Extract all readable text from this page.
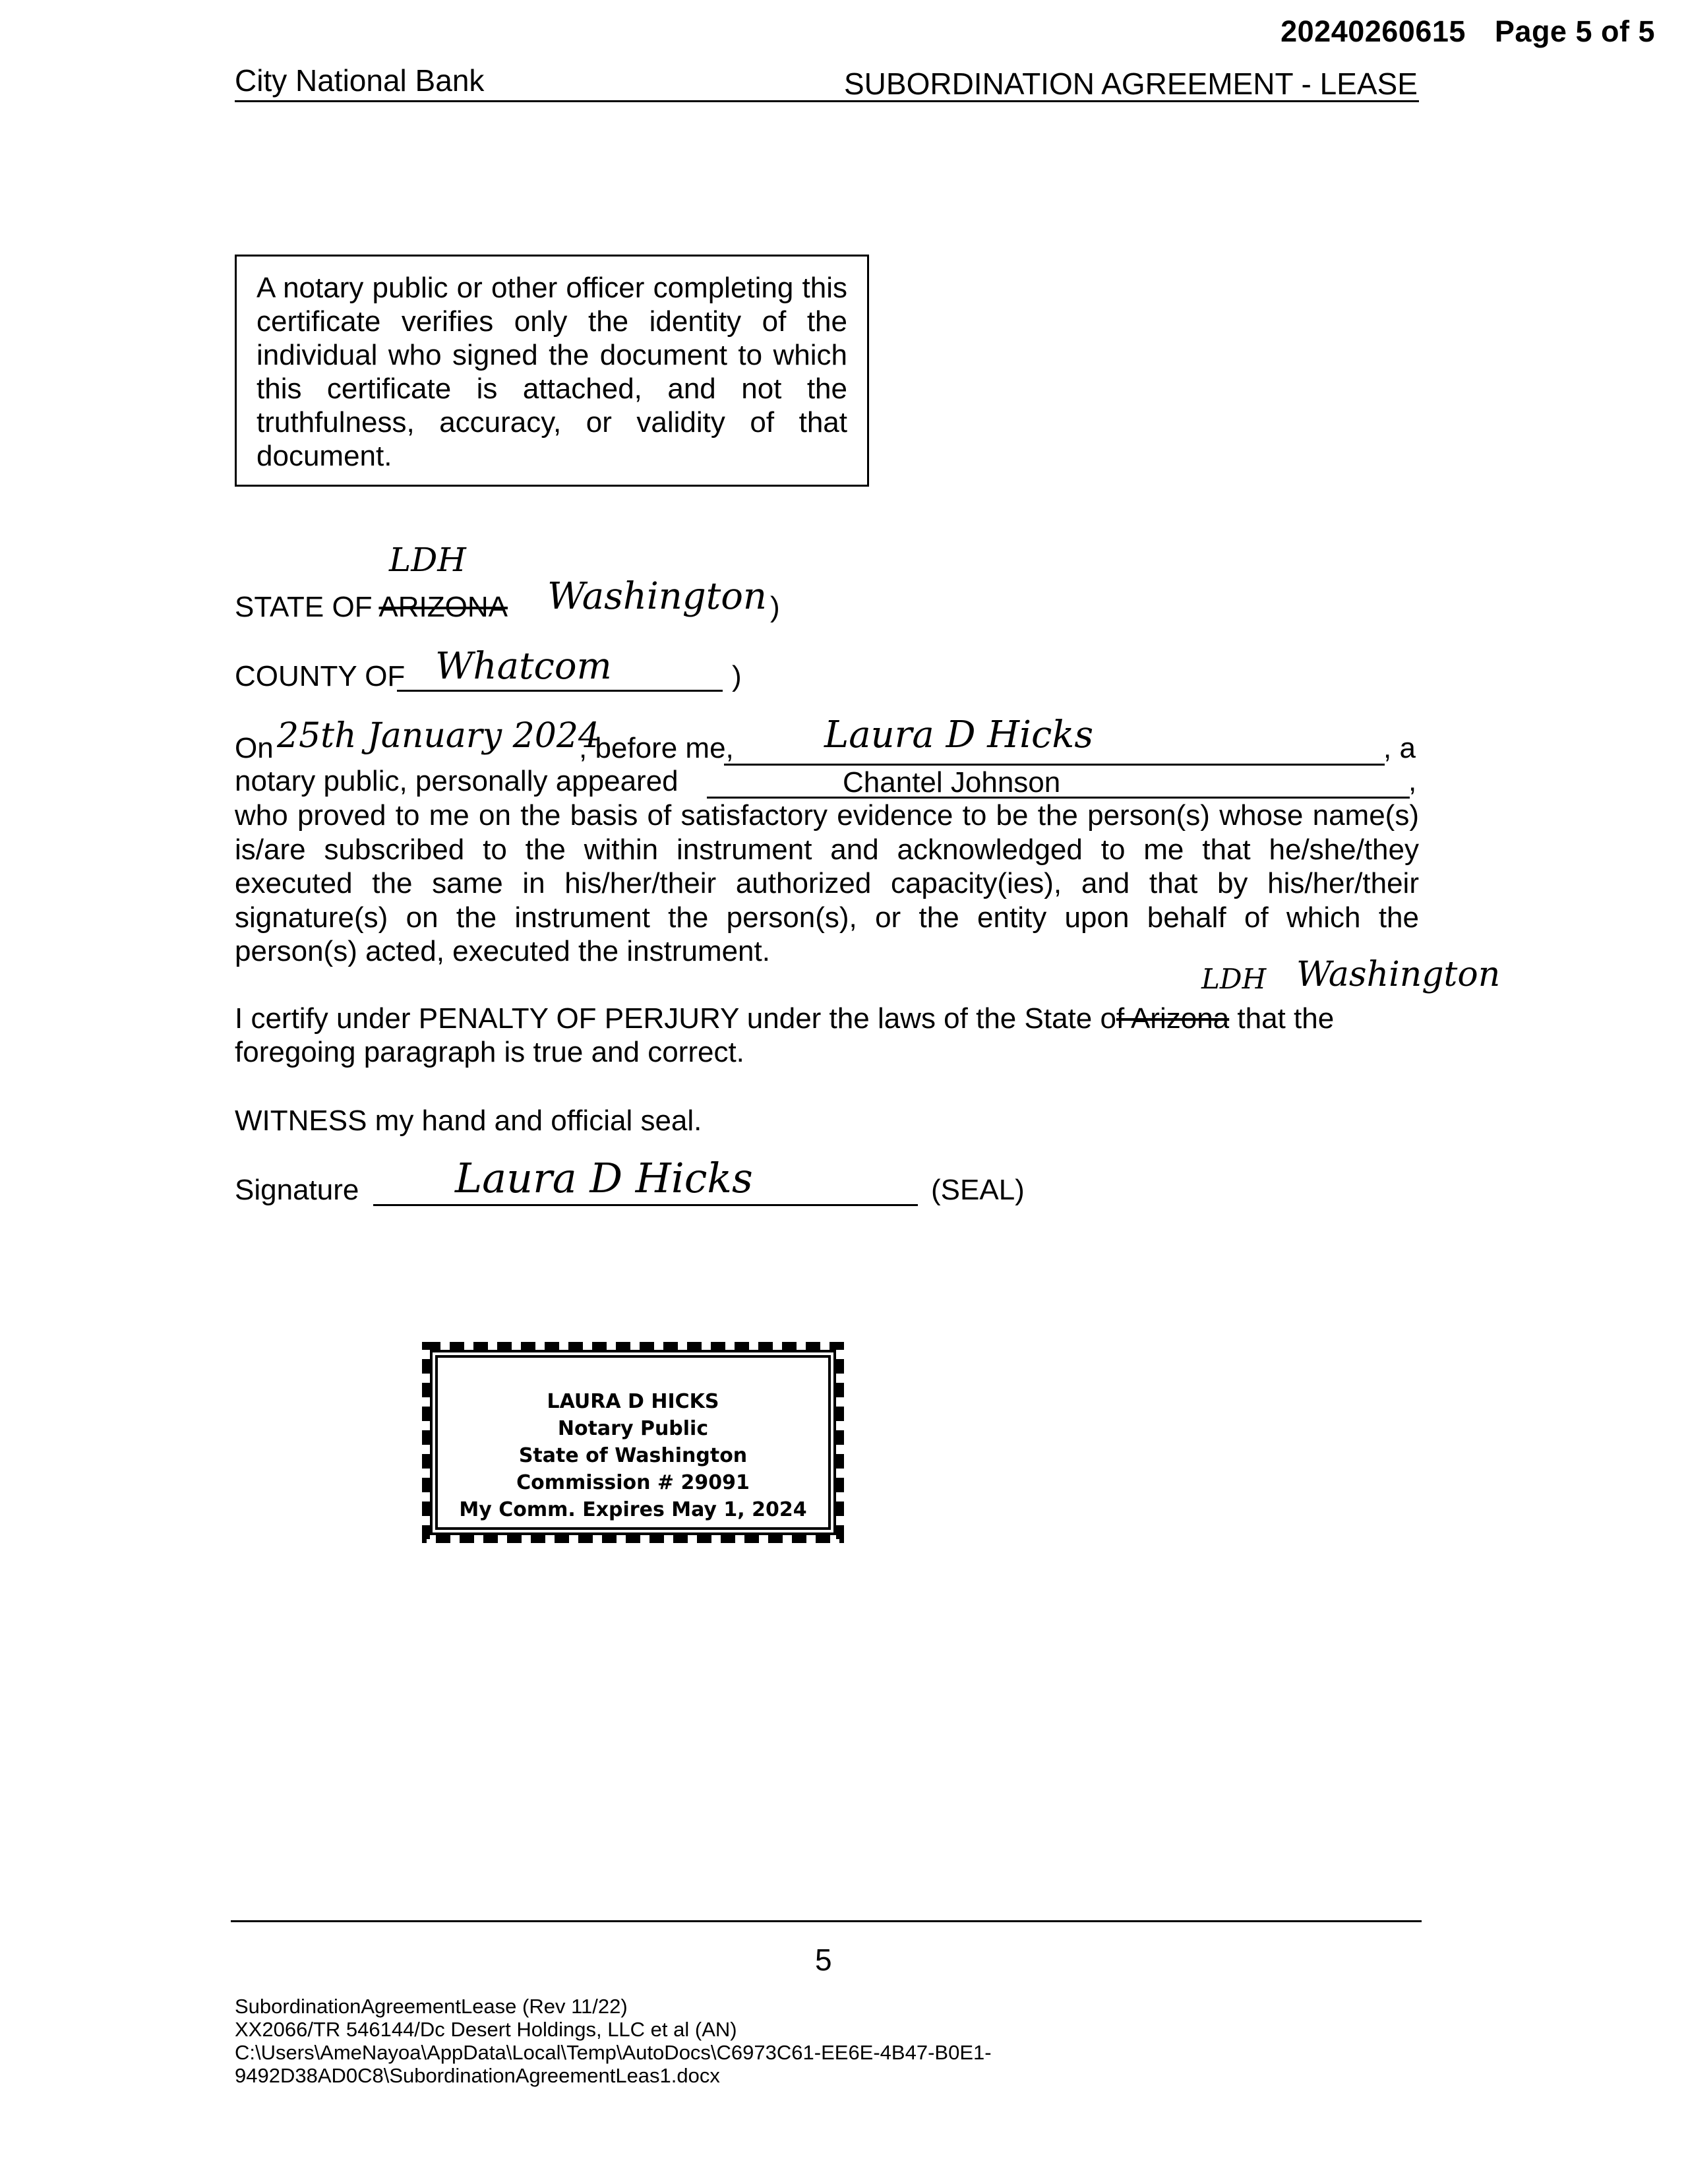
20240260615 Page 5 of 5
City National Bank	SUBORDINATION AGREEMENT - LEASE
A notary public or other officer completing this certificate verifies only the identity of the individual who signed the document to which this certificate is attached, and not the truthfulness, accuracy, or validity of that document.
LDH
STATE OF ARIZONA Washington )
COUNTY OF Whatcom	)
On 25th January 2024
, before me, Laura D Hicks	, a
notary public, personally appeared	Chantel Johnson	,
who proved to me on the basis of satisfactory evidence to be the person(s) whose name(s) is/are subscribed to the within instrument and acknowledged to me that he/she/they executed the same in his/her/their authorized capacity(ies), and that by his/her/their signature(s) on the instrument the person(s), or the entity upon behalf of which the person(s) acted, executed the instrument.
LDH Washington
I certify under PENALTY OF PERJURY under the laws of the State of Arizona that the
foregoing paragraph is true and correct.
WITNESS my hand and official seal.
Signature Laura D Hicks	(SEAL)
LAURA D HICKS
Notary Public
State of Washington
Commission # 29091
My Comm. Expires May 1, 2024
5
SubordinationAgreementLease (Rev 11/22)
XX2066/TR 546144/Dc Desert Holdings, LLC et al (AN)
C:\Users\AmeNayoa\AppData\Local\Temp\AutoDocs\C6973C61-EE6E-4B47-B0E1-
9492D38AD0C8\SubordinationAgreementLeas1.docx
